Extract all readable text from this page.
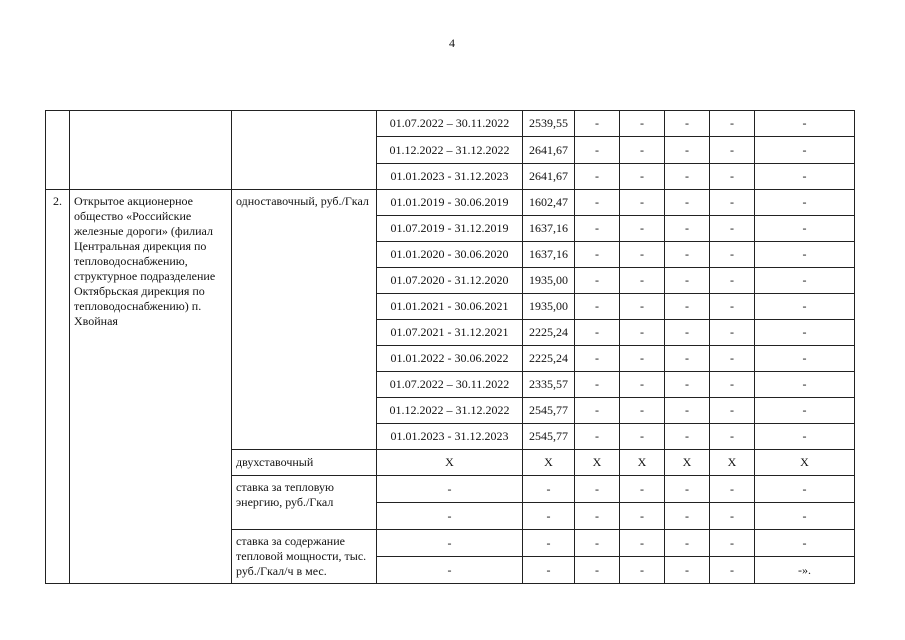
4
			01.07.2022 – 30.11.2022	2539,55	-	-	-	-	-
			01.12.2022 – 31.12.2022	2641,67	-	-	-	-	-
			01.01.2023 - 31.12.2023	2641,67	-	-	-	-	-
2.	Открытое акционерное общество «Российские железные дороги» (филиал Центральная дирекция по тепловодоснабжению, структурное подразделение Октябрьская дирекция по тепловодоснабжению) п. Хвойная	одноставочный, руб./Гкал	01.01.2019 - 30.06.2019	1602,47	-	-	-	-	-
			01.07.2019 - 31.12.2019	1637,16	-	-	-	-	-
			01.01.2020 - 30.06.2020	1637,16	-	-	-	-	-
			01.07.2020 - 31.12.2020	1935,00	-	-	-	-	-
			01.01.2021 - 30.06.2021	1935,00	-	-	-	-	-
			01.07.2021 - 31.12.2021	2225,24	-	-	-	-	-
			01.01.2022 - 30.06.2022	2225,24	-	-	-	-	-
			01.07.2022 – 30.11.2022	2335,57	-	-	-	-	-
			01.12.2022 – 31.12.2022	2545,77	-	-	-	-	-
			01.01.2023 - 31.12.2023	2545,77	-	-	-	-	-
		двухставочный	X	X	X	X	X	X	X
		ставка за тепловую энергию, руб./Гкал	-	-	-	-	-	-	-
			-	-	-	-	-	-	-
		ставка за содержание тепловой мощности, тыс. руб./Гкал/ч в мес.	-	-	-	-	-	-	-
			-	-	-	-	-	-	-».
